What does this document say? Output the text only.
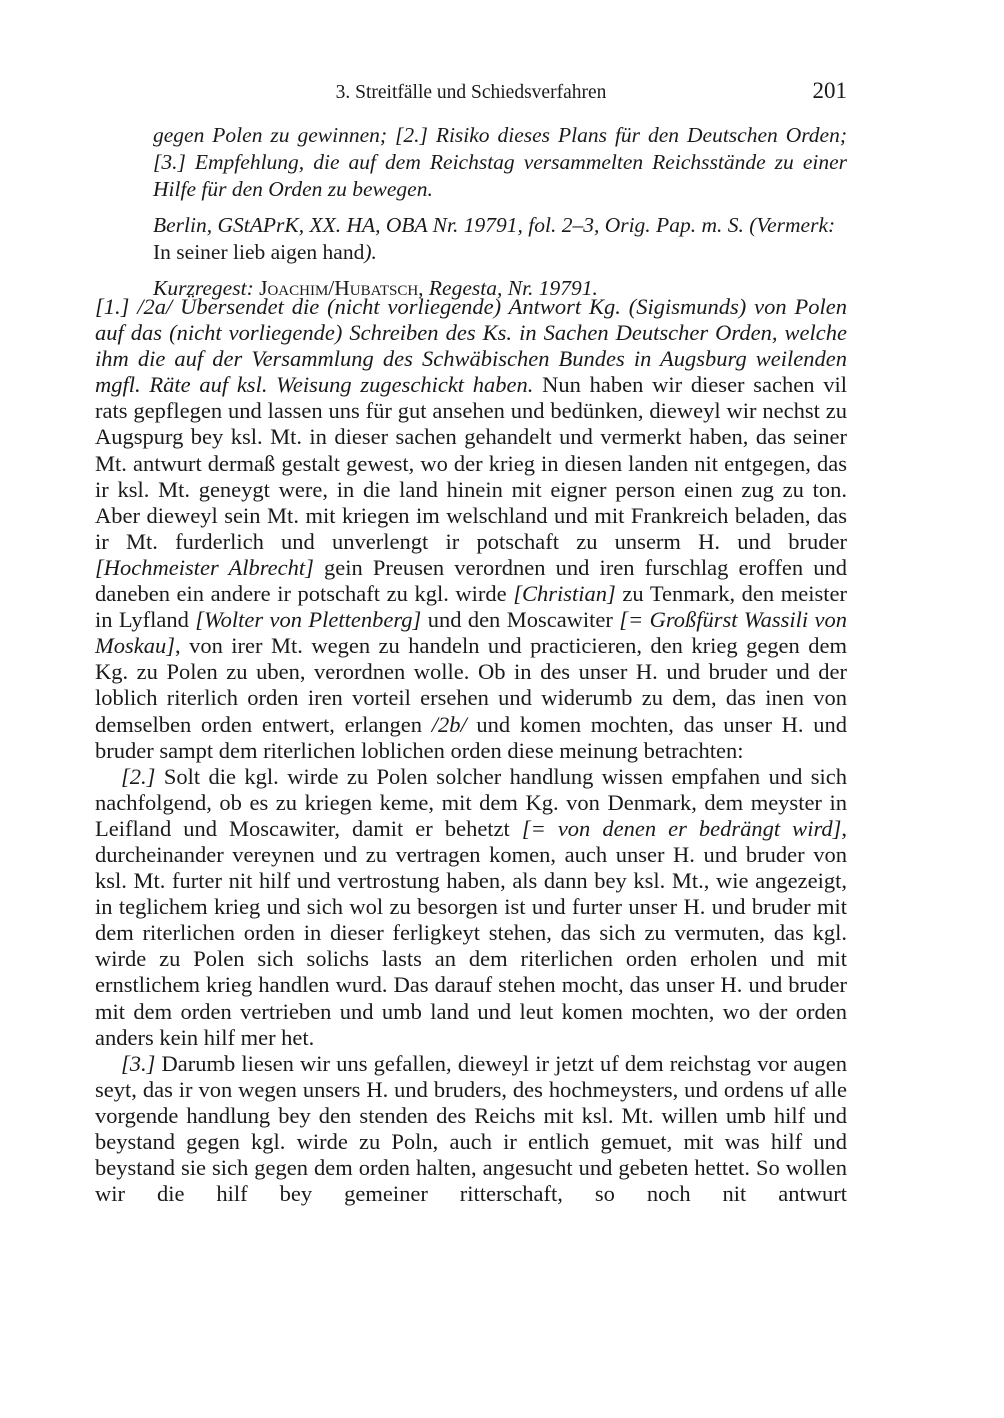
3. Streitfälle und Schiedsverfahren	201

gegen Polen zu gewinnen; [2.] Risiko dieses Plans für den Deutschen Orden; [3.] Empfehlung, die auf dem Reichstag versammelten Reichsstände zu einer Hilfe für den Orden zu bewegen.

Berlin, GStAPrK, XX. HA, OBA Nr. 19791, fol. 2–3, Orig. Pap. m. S. (Vermerk:
In seiner lieb aigen hand).

Kurzregest: Joachim/Hubatsch, Regesta, Nr. 19791.

[1.] /2a/ Übersendet die (nicht vorliegende) Antwort Kg. (Sigismunds) von Polen auf das (nicht vorliegende) Schreiben des Ks. in Sachen Deutscher Orden, welche ihm die auf der Versammlung des Schwäbischen Bundes in Augsburg weilenden mgfl. Räte auf ksl. Weisung zugeschickt haben. Nun haben wir dieser sachen vil rats gepflegen und lassen uns für gut ansehen und bedünken, dieweyl wir nechst zu Augspurg bey ksl. Mt. in dieser sachen gehandelt und vermerkt haben, das seiner Mt. antwurt dermaß gestalt gewest, wo der krieg in diesen landen nit entgegen, das ir ksl. Mt. geneygt were, in die land hinein mit eigner person einen zug zu ton. Aber dieweyl sein Mt. mit kriegen im welschland und mit Frankreich beladen, das ir Mt. furderlich und unverlengt ir potschaft zu unserm H. und bruder [Hochmeister Albrecht] gein Preusen verordnen und iren furschlag eroffen und daneben ein andere ir potschaft zu kgl. wirde [Christian] zu Tenmark, den meister in Lyfland [Wolter von Plettenberg] und den Moscawiter [= Großfürst Wassili von Moskau], von irer Mt. wegen zu handeln und practicieren, den krieg gegen dem Kg. zu Polen zu uben, verordnen wolle. Ob in des unser H. und bruder und der loblich riterlich orden iren vorteil ersehen und widerumb zu dem, das inen von demselben orden entwert, erlangen /2b/ und komen mochten, das unser H. und bruder sampt dem riterlichen loblichen orden diese meinung betrachten:

[2.] Solt die kgl. wirde zu Polen solcher handlung wissen empfahen und sich nachfolgend, ob es zu kriegen keme, mit dem Kg. von Denmark, dem meyster in Leifland und Moscawiter, damit er behetzt [= von denen er bedrängt wird], durcheinander vereynen und zu vertragen komen, auch unser H. und bruder von ksl. Mt. furter nit hilf und vertrostung haben, als dann bey ksl. Mt., wie angezeigt, in teglichem krieg und sich wol zu besorgen ist und furter unser H. und bruder mit dem riterlichen orden in dieser ferligkeyt stehen, das sich zu vermuten, das kgl. wirde zu Polen sich solichs lasts an dem riterlichen orden erholen und mit ernstlichem krieg handlen wurd. Das darauf stehen mocht, das unser H. und bruder mit dem orden vertrieben und umb land und leut komen mochten, wo der orden anders kein hilf mer het.

[3.] Darumb liesen wir uns gefallen, dieweyl ir jetzt uf dem reichstag vor augen seyt, das ir von wegen unsers H. und bruders, des hochmeysters, und ordens uf alle vorgende handlung bey den stenden des Reichs mit ksl. Mt. willen umb hilf und beystand gegen kgl. wirde zu Poln, auch ir entlich gemuet, mit was hilf und beystand sie sich gegen dem orden halten, angesucht und gebeten hettet. So wollen wir die hilf bey gemeiner ritterschaft, so noch nit antwurt
